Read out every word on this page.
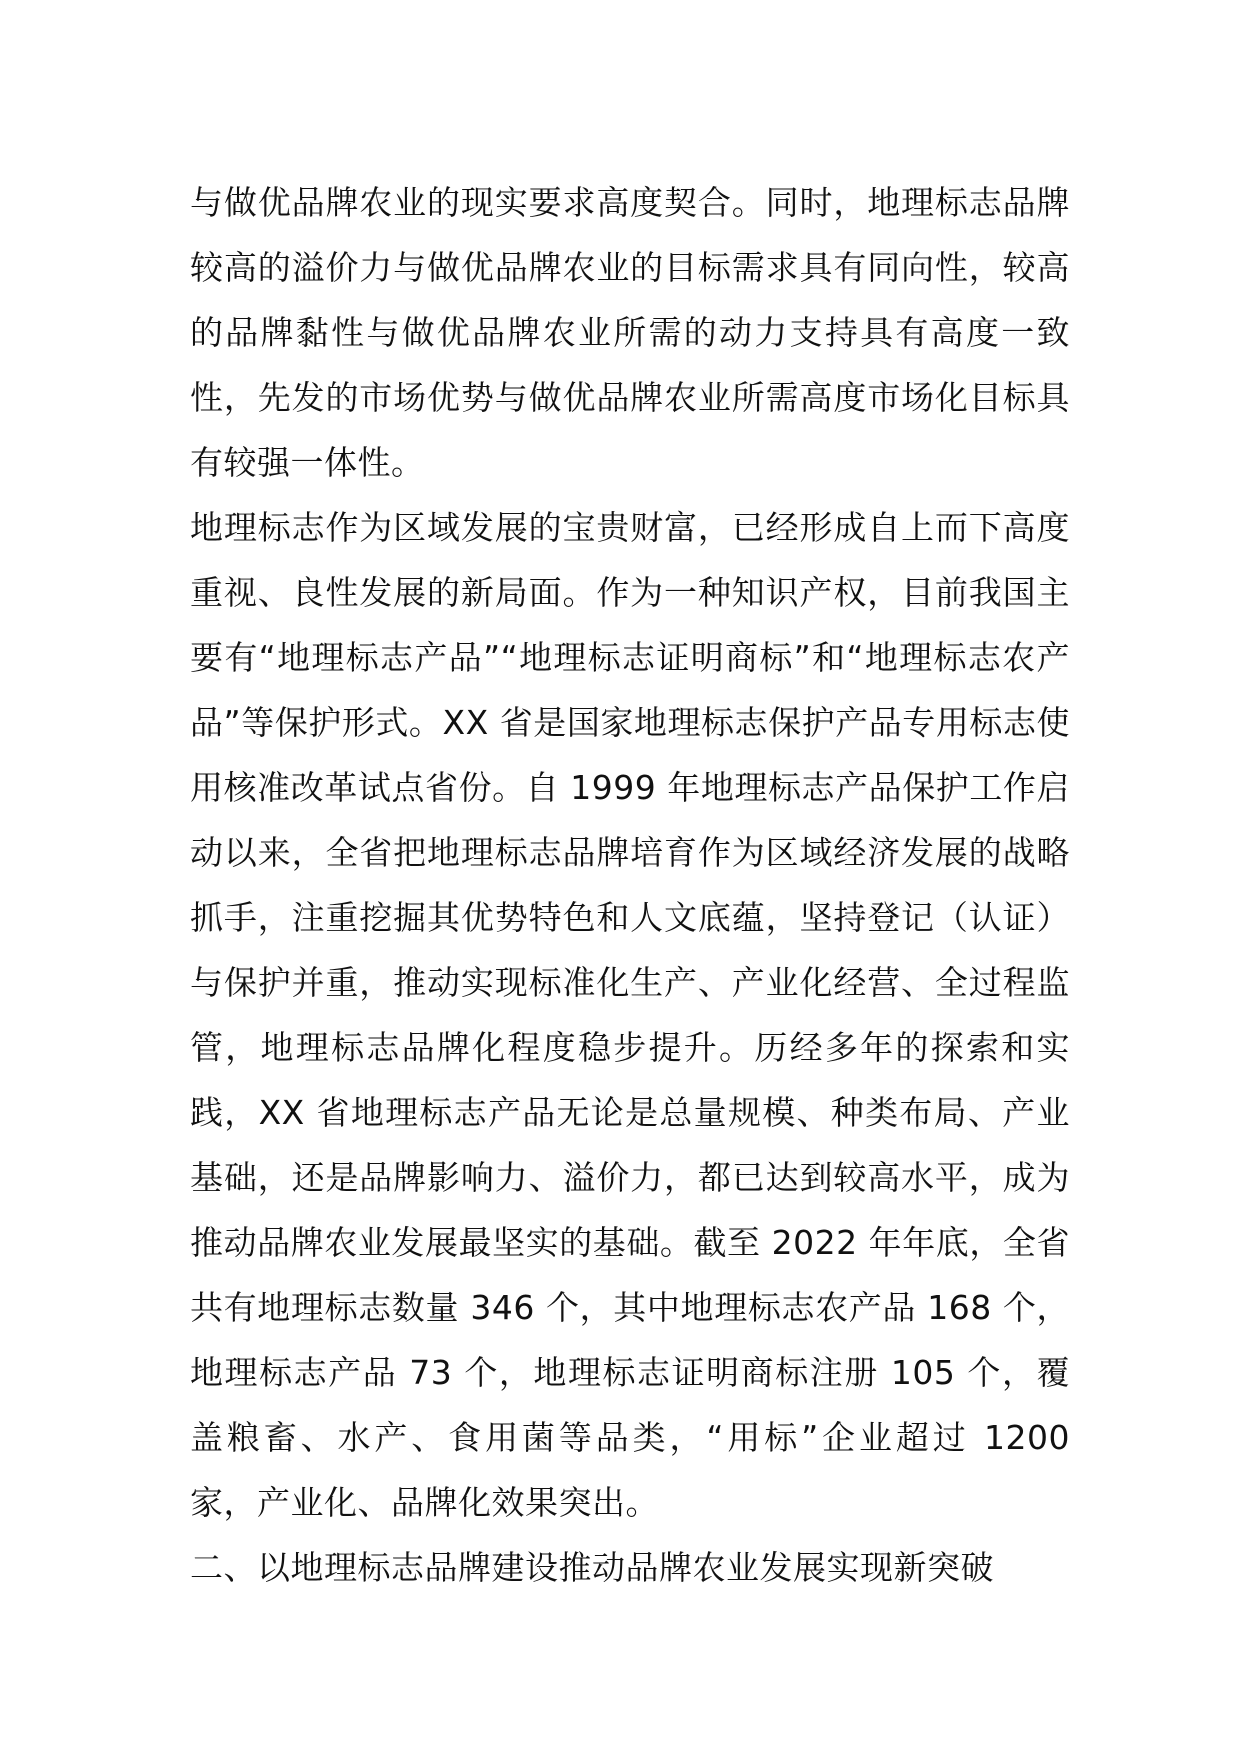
与做优品牌农业的现实要求高度契合。同时，地理标志品牌较高的溢价力与做优品牌农业的目标需求具有同向性，较高的品牌黏性与做优品牌农业所需的动力支持具有高度一致性，先发的市场优势与做优品牌农业所需高度市场化目标具有较强一体性。

地理标志作为区域发展的宝贵财富，已经形成自上而下高度重视、良性发展的新局面。作为一种知识产权，目前我国主要有“地理标志产品”“地理标志证明商标”和“地理标志农产品”等保护形式。XX 省是国家地理标志保护产品专用标志使用核准改革试点省份。自 1999 年地理标志产品保护工作启动以来，全省把地理标志品牌培育作为区域经济发展的战略抓手，注重挖掘其优势特色和人文底蕴，坚持登记（认证）与保护并重，推动实现标准化生产、产业化经营、全过程监管，地理标志品牌化程度稳步提升。历经多年的探索和实践，XX 省地理标志产品无论是总量规模、种类布局、产业基础，还是品牌影响力、溢价力，都已达到较高水平，成为推动品牌农业发展最坚实的基础。截至 2022 年年底，全省共有地理标志数量 346 个，其中地理标志农产品 168 个，地理标志产品 73 个，地理标志证明商标注册 105 个，覆盖粮畜、水产、食用菌等品类，“用标”企业超过 1200 家，产业化、品牌化效果突出。

二、以地理标志品牌建设推动品牌农业发展实现新突破
